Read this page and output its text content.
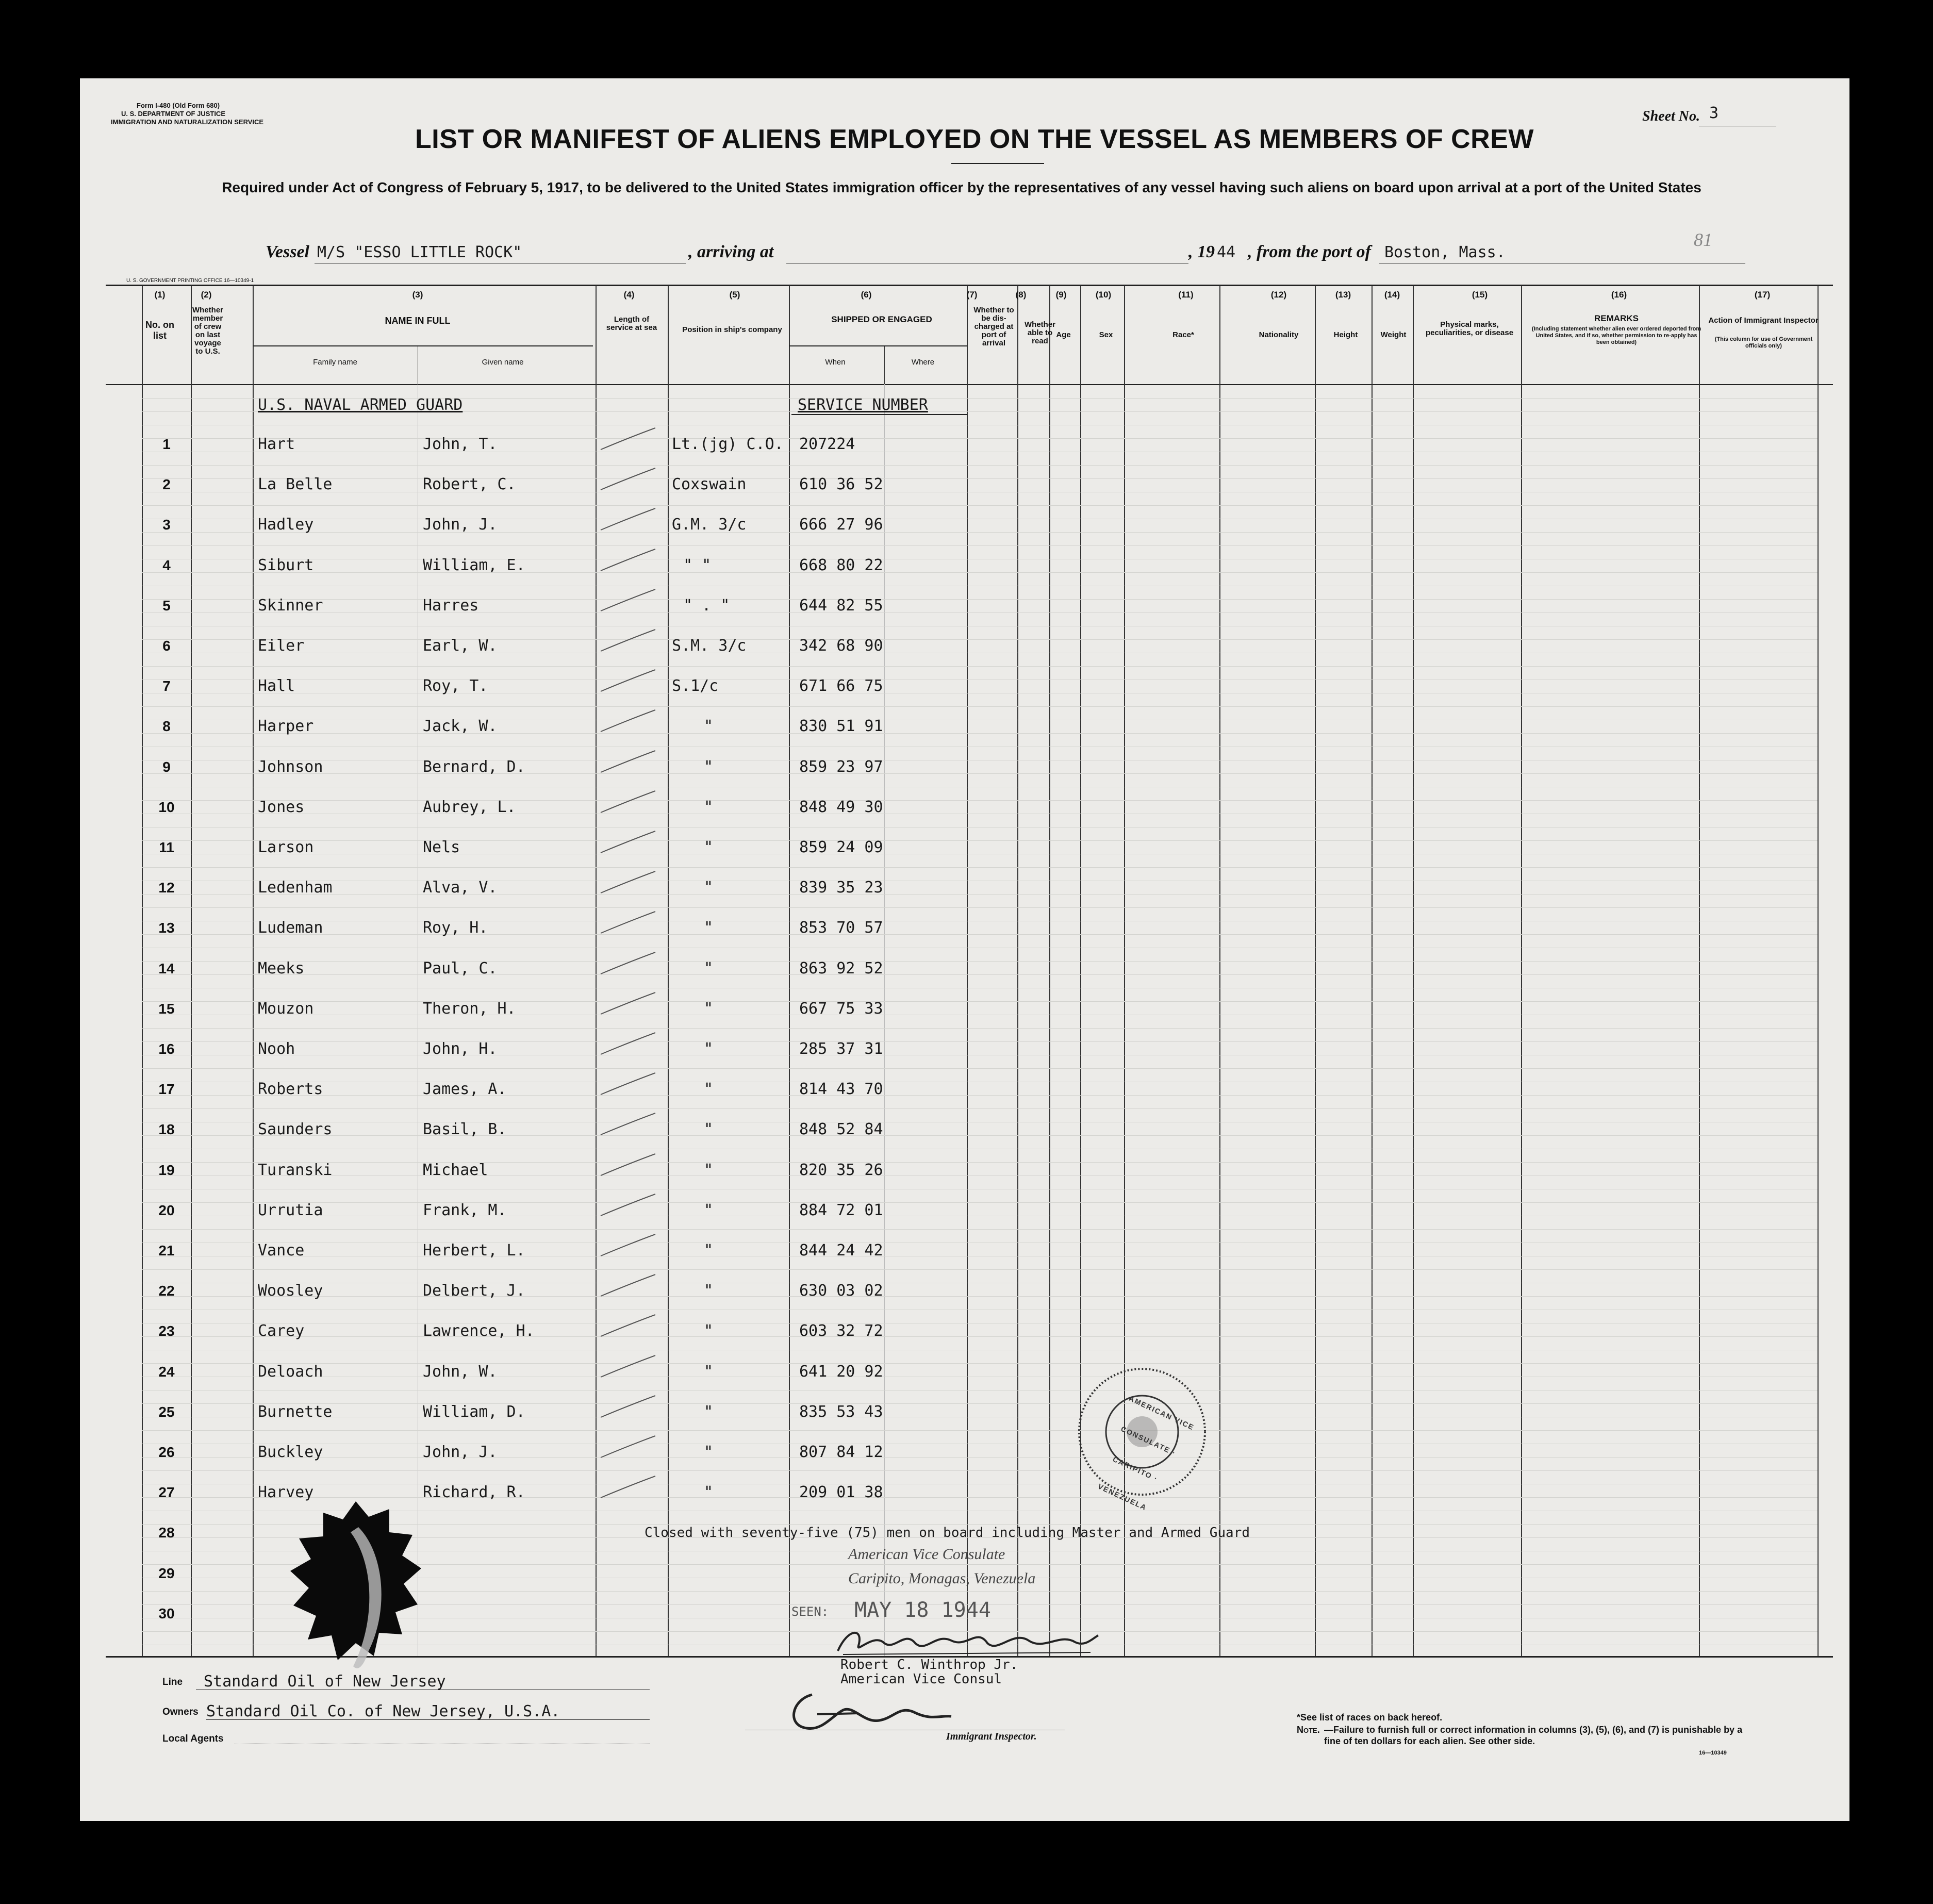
Form I-480 (Old Form 680)
U. S. DEPARTMENT OF JUSTICE
IMMIGRATION AND NATURALIZATION SERVICE	Sheet No. 3
LIST OR MANIFEST OF ALIENS EMPLOYED ON THE VESSEL AS MEMBERS OF CREW
Required under Act of Congress of February 5, 1917, to be delivered to the United States immigration officer by the representatives of any vessel having such aliens on board upon arrival at a port of the United States
81
Vessel M/S "ESSO LITTLE ROCK"	, arriving at	, 19 44 , from the port of Boston, Mass.
U. S. GOVERNMENT PRINTING OFFICE 16—10349-1
(1)	(2)	(3)	(4)	(5)	(6)	(7)	(8)	(9)	(10)	(11)	(12)	(13)	(14)	(15)	(16)	(17)
No. on list
Whether member of crew on last voyage to U.S.
NAME IN FULL
Family name	Given name
Length of service at sea	Position in ship's company
SHIPPED OR ENGAGED
When	Where
Whether to be dis-charged at port of arrival
Whether able to read
Age	Sex	Race*	Nationality	Height	Weight
Physical marks, peculiarities, or disease
REMARKS
(Including statement whether alien ever ordered deported from United States, and if so, whether permission to re-apply has been obtained)
Action of Immigrant Inspector
(This column for use of Government officials only)
U.S. NAVAL ARMED GUARD	SERVICE NUMBER
1	Hart	John, T.	Lt.(jg) C.O. 207224
2	La Belle	Robert, C.	Coxswain	610 36 52
3	Hadley	John, J.	G.M. 3/c	666 27 96
4	Siburt	William, E.	" "	668 80 22
5	Skinner	Harres	" . "	644 82 55
6	Eiler	Earl, W.	S.M. 3/c	342 68 90
7	Hall	Roy, T.	S.1/c	671 66 75
8	Harper	Jack, W.	"	830 51 91
9	Johnson	Bernard, D.	"	859 23 97
10	Jones	Aubrey, L.	"	848 49 30
11	Larson	Nels	"	859 24 09
12	Ledenham	Alva, V.	"	839 35 23
13	Ludeman	Roy, H.	"	853 70 57
14	Meeks	Paul, C.	"	863 92 52
15	Mouzon	Theron, H.	"	667 75 33
16	Nooh	John, H.	"	285 37 31
17	Roberts	James, A.	"	814 43 70
18	Saunders	Basil, B.	"	848 52 84
19	Turanski	Michael	"	820 35 26
20	Urrutia	Frank, M.	"	884 72 01
21	Vance	Herbert, L.	"	844 24 42
22	Woosley	Delbert, J.	"	630 03 02
23	Carey	Lawrence, H.	"	603 32 72
24	Deloach	John, W.	"	641 20 92
25	Burnette	William, D.	"	835 53 43
26	Buckley	John, J.	"	807 84 12
27	Harvey	Richard, R.	"	209 01 38
28
29
30
Closed with seventy-five (75) men on board including Master and Armed Guard
American Vice Consulate
Caripito, Monagas, Venezuela
SEEN: MAY 18 1944
Robert C. Winthrop Jr.
American Vice Consul
Immigrant Inspector.
AMERICAN VICE CONSULATE · CARIPITO · VENEZUELA
Line Standard Oil of New Jersey
Owners Standard Oil Co. of New Jersey, U.S.A.
Local Agents
*See list of races on back hereof.
Note. —Failure to furnish full or correct information in columns (3), (5), (6), and (7) is punishable by a fine of ten dollars for each alien. See other side.
16—10349
